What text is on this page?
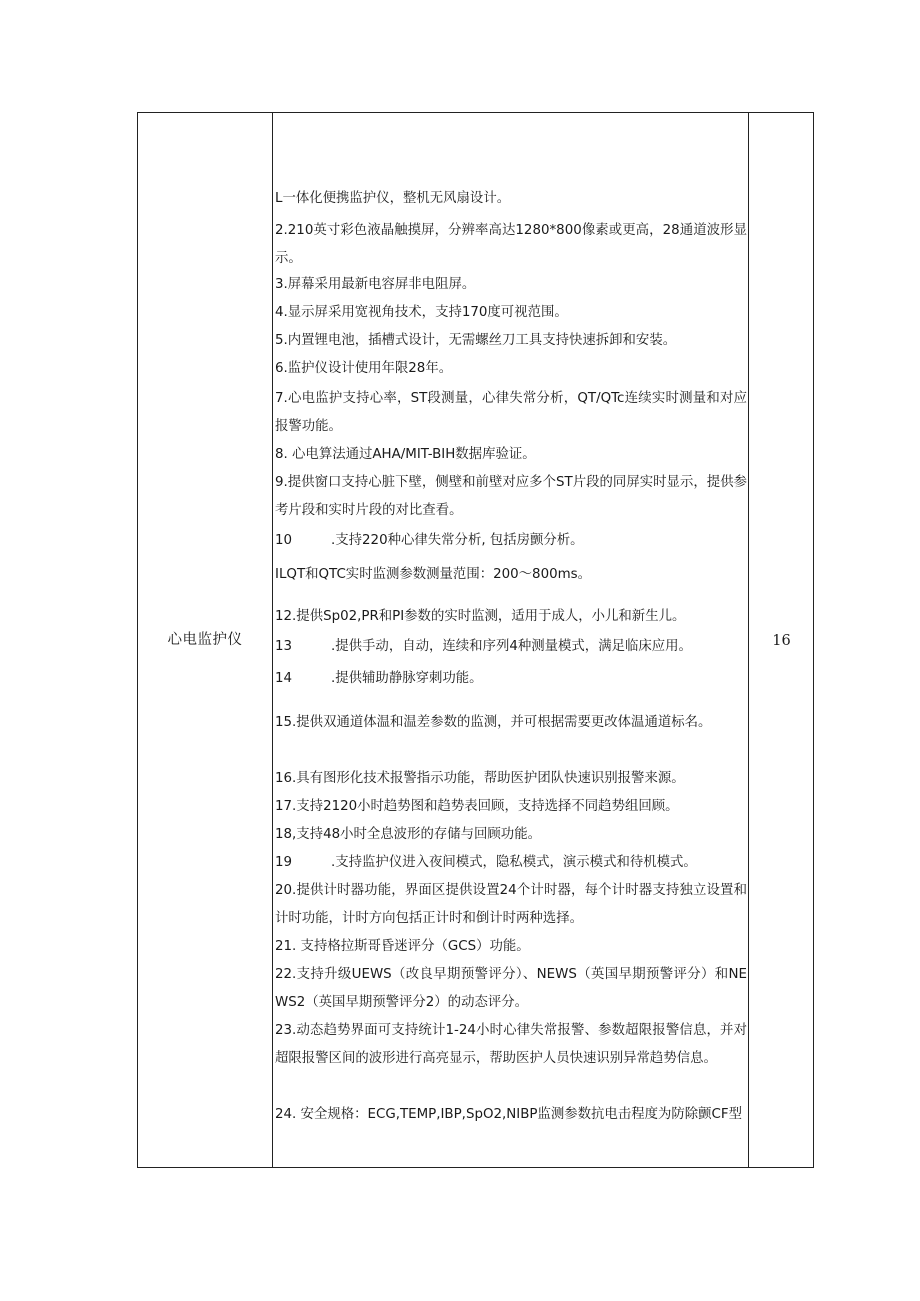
心电监护仪
L一体化便携监护仪，整机无风扇设计。
2.210英寸彩色液晶触摸屏，分辨率高达1280*800像素或更高，28通道波形显示。
3.屏幕采用最新电容屏非电阻屏。
4.显示屏采用宽视角技术，支持170度可视范围。
5.内置锂电池，插槽式设计，无需螺丝刀工具支持快速拆卸和安装。
6.监护仪设计使用年限28年。
7.心电监护支持心率，ST段测量，心律失常分析，QT/QTc连续实时测量和对应报警功能。
8. 心电算法通过AHA/MIT-BIH数据库验证。
9.提供窗口支持心脏下壁，侧壁和前壁对应多个ST片段的同屏实时显示，提供参考片段和实时片段的对比查看。
10	.支持220种心律失常分析, 包括房颤分析。
ILQT和QTC实时监测参数测量范围：200～800ms。
12.提供Sp02,PR和PI参数的实时监测，适用于成人，小儿和新生儿。
13	.提供手动，自动，连续和序列4种测量模式，满足临床应用。
14	.提供辅助静脉穿刺功能。
15.提供双通道体温和温差参数的监测，并可根据需要更改体温通道标名。
16.具有图形化技术报警指示功能，帮助医护团队快速识别报警来源。
17.支持2120小时趋势图和趋势表回顾，支持选择不同趋势组回顾。
18,支持48小时全息波形的存储与回顾功能。
19	.支持监护仪进入夜间模式，隐私模式，演示模式和待机模式。
20.提供计时器功能，界面区提供设置24个计时器，每个计时器支持独立设置和计时功能，计时方向包括正计时和倒计时两种选择。
21. 支持格拉斯哥昏迷评分（GCS）功能。
22.支持升级UEWS（改良早期预警评分）、NEWS（英国早期预警评分）和NEWS2（英国早期预警评分2）的动态评分。
23.动态趋势界面可支持统计1-24小时心律失常报警、参数超限报警信息，并对超限报警区间的波形进行高亮显示，帮助医护人员快速识别异常趋势信息。
24. 安全规格：ECG,TEMP,IBP,SpO2,NIBP监测参数抗电击程度为防除颤CF型
16
